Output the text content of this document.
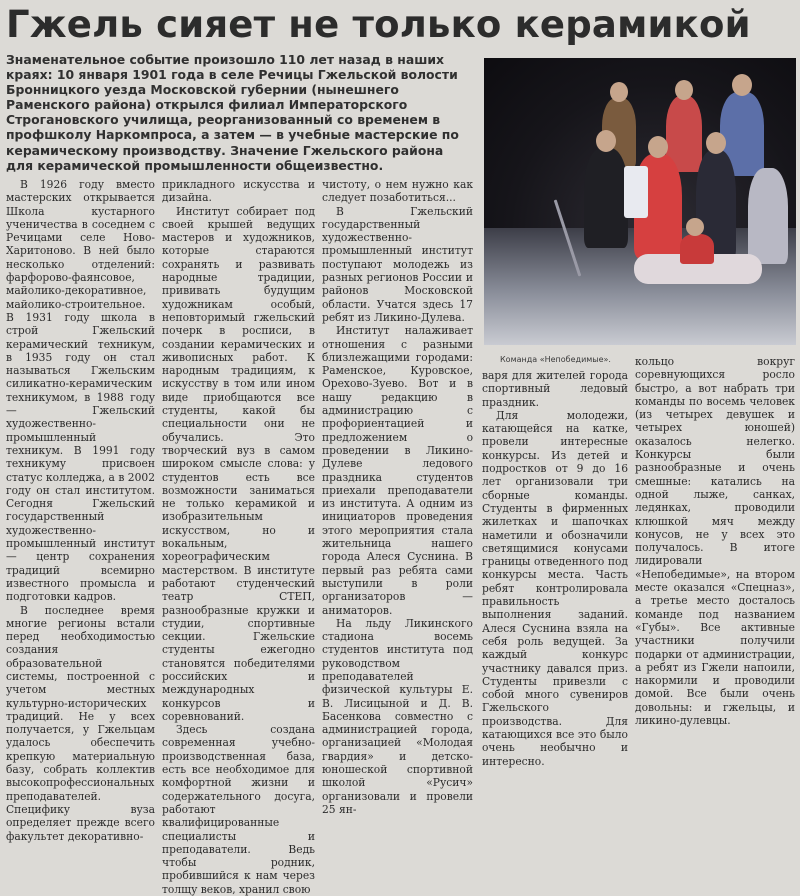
Гжель сияет не только керамикой
Знаменательное событие произошло 110 лет назад в наших краях: 10 января 1901 года в селе Речицы Гжельской волости Бронницкого уезда Московской губернии (нынешнего Раменского района) открылся филиал Императорского Строгановского училища, реорганизованный со временем в профшколу Наркомпроса, а затем — в учебные мастерские по керамическому производству. Значение Гжельского района для керамической промышленности общеизвестно.
Команда «Непобедимые».

В 1926 году вместо мастерских открывается Школа кустарного ученичества в соседнем с Речицами селе Ново-Харитоново. В ней было несколько отделений: фарфорово-фаянсовое, майолико-декоративное, майолико-строительное. В 1931 году школа в строй Гжельский керамический техникум, в 1935 году он стал называться Гжельским силикатно-керамическим техникумом, в 1988 году — Гжельский художественно-промышленный техникум. В 1991 году техникуму присвоен статус колледжа, а в 2002 году он стал институтом. Сегодня Гжельский государственный художественно-промышленный институт — центр сохранения традиций всемирно известного промысла и подготовки кадров.

В последнее время многие регионы встали перед необходимостью создания образовательной системы, построенной с учетом местных культурно-исторических традиций. Не у всех получается, у Гжельцам удалось обеспечить крепкую материальную базу, собрать коллектив высокопрофессиональных преподавателей. Специфику вуза определяет прежде всего факультет декоративно-

прикладного искусства и дизайна.

Институт собирает под своей крышей ведущих мастеров и художников, которые стараются сохранять и развивать народные традиции, прививать будущим художникам особый, неповторимый гжельский почерк в росписи, в создании керамических и живописных работ. К народным традициям, к искусству в том или ином виде приобщаются все студенты, какой бы специальности они не обучались. Это творческий вуз в самом широком смысле слова: у студентов есть все возможности заниматься не только керамикой и изобразительным искусством, но и вокальным, хореографическим мастерством. В институте работают студенческий театр СТЕП, разнообразные кружки и студии, спортивные секции. Гжельские студенты ежегодно становятся победителями российских и международных конкурсов и соревнований.

Здесь создана современная учебно-производственная база, есть все необходимое для комфортной жизни и содержательного досуга, работают квалифицированные специалисты и преподаватели. Ведь чтобы родник, пробившийся к нам через толщу веков, хранил свою

чистоту, о нем нужно как следует позаботиться...

В Гжельский государственный художественно-промышленный институт поступают молодежь из разных регионов России и районов Московской области. Учатся здесь 17 ребят из Ликино-Дулева.

Институт налаживает отношения с разными близлежащими городами: Раменское, Куровское, Орехово-Зуево. Вот и в нашу редакцию в администрацию с профориентацией и предложением о проведении в Ликино-Дулеве ледового праздника студентов приехали преподаватели из института. А одним из инициаторов проведения этого мероприятия стала жительница нашего города Алеся Суснина. В первый раз ребята сами выступили в роли организаторов — аниматоров.

На льду Ликинского стадиона восемь студентов института под руководством преподавателей физической культуры Е. В. Лисицыной и Д. В. Басенкова совместно с администрацией города, организацией «Молодая гвардия» и детско-юношеской спортивной школой «Русич» организовали и провели 25 ян-

варя для жителей города спортивный ледовый праздник.

Для молодежи, катающейся на катке, провели интересные конкурсы. Из детей и подростков от 9 до 16 лет организовали три сборные команды. Студенты в фирменных жилетках и шапочках наметили и обозначили светящимися конусами границы отведенного под конкурсы места. Часть ребят контролировала правильность выполнения заданий. Алеся Суснина взяла на себя роль ведущей. За каждый конкурс участнику давался приз. Студенты привезли с собой много сувениров Гжельского производства. Для катающихся все это было очень необычно и интересно.

кольцо вокруг соревнующихся росло быстро, а вот набрать три команды по восемь человек (из четырех девушек и четырех юношей) оказалось нелегко. Конкурсы были разнообразные и очень смешные: катались на одной лыже, санках, ледянках, проводили клюшкой мяч между конусов, не у всех это получалось. В итоге лидировали «Непобедимые», на втором месте оказался «Спецназ», а третье место досталось команде под названием «Губы». Все активные участники получили подарки от администрации, а ребят из Гжели напоили, накормили и проводили домой. Все были очень довольны: и гжельцы, и ликино-дулевцы.
